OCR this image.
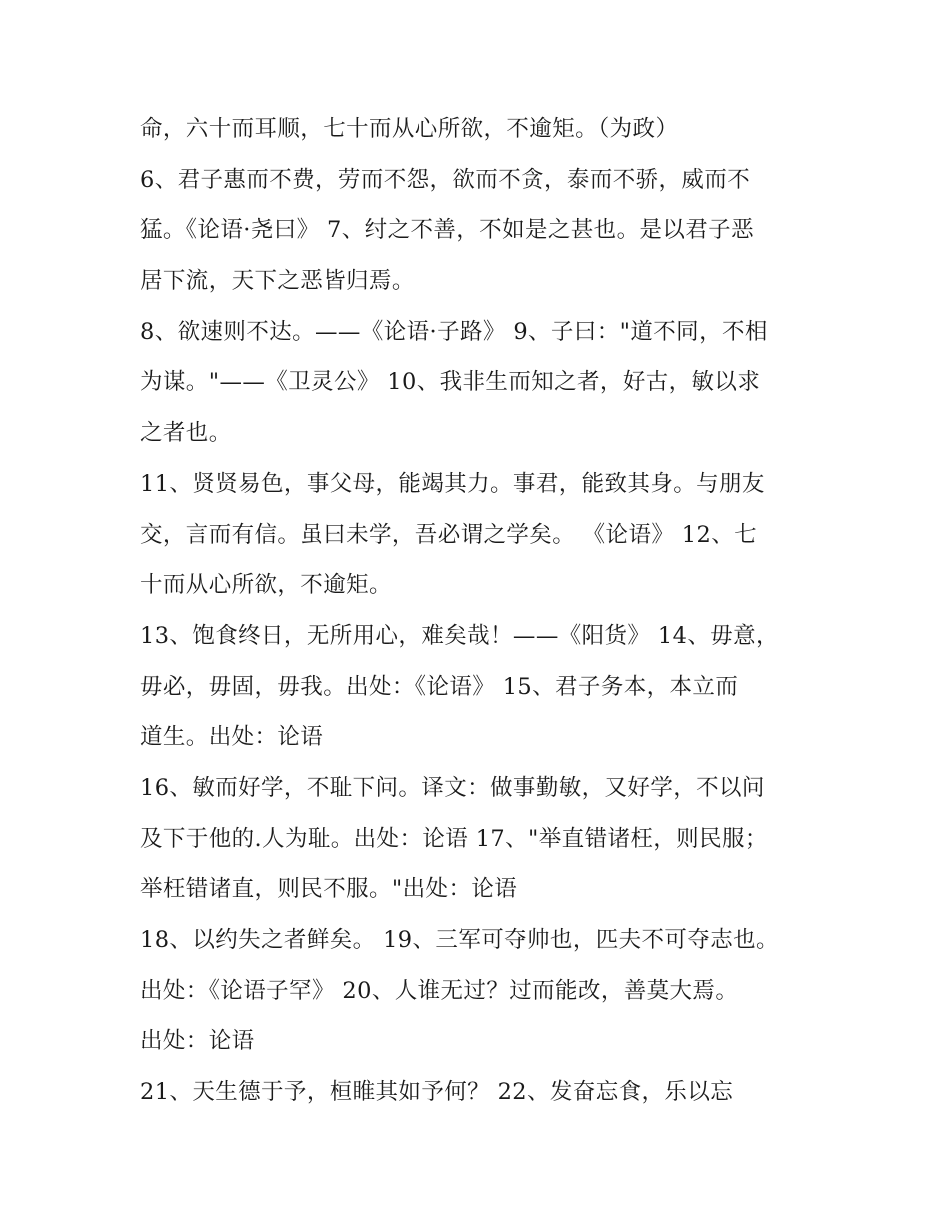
命，六十而耳顺，七十而从心所欲，不逾矩。（为政）
6、君子惠而不费，劳而不怨，欲而不贪，泰而不骄，威而不
猛。《论语·尧曰》 7、纣之不善，不如是之甚也。是以君子恶
居下流，天下之恶皆归焉。
8、欲速则不达。——《论语·子路》 9、子曰："道不同，不相
为谋。"——《卫灵公》 10、我非生而知之者，好古，敏以求
之者也。
11、贤贤易色，事父母，能竭其力。事君，能致其身。与朋友
交，言而有信。虽曰未学，吾必谓之学矣。 《论语》 12、七
十而从心所欲，不逾矩。
13、饱食终日，无所用心，难矣哉！——《阳货》 14、毋意，
毋必，毋固，毋我。出处：《论语》 15、君子务本，本立而
道生。出处：论语
16、敏而好学，不耻下问。译文：做事勤敏，又好学，不以问
及下于他的.人为耻。出处：论语 17、"举直错诸枉，则民服；
举枉错诸直，则民不服。"出处：论语
18、以约失之者鲜矣。 19、三军可夺帅也，匹夫不可夺志也。
出处：《论语子罕》 20、人谁无过？过而能改，善莫大焉。
出处：论语
21、天生德于予，桓睢其如予何？ 22、发奋忘食，乐以忘
